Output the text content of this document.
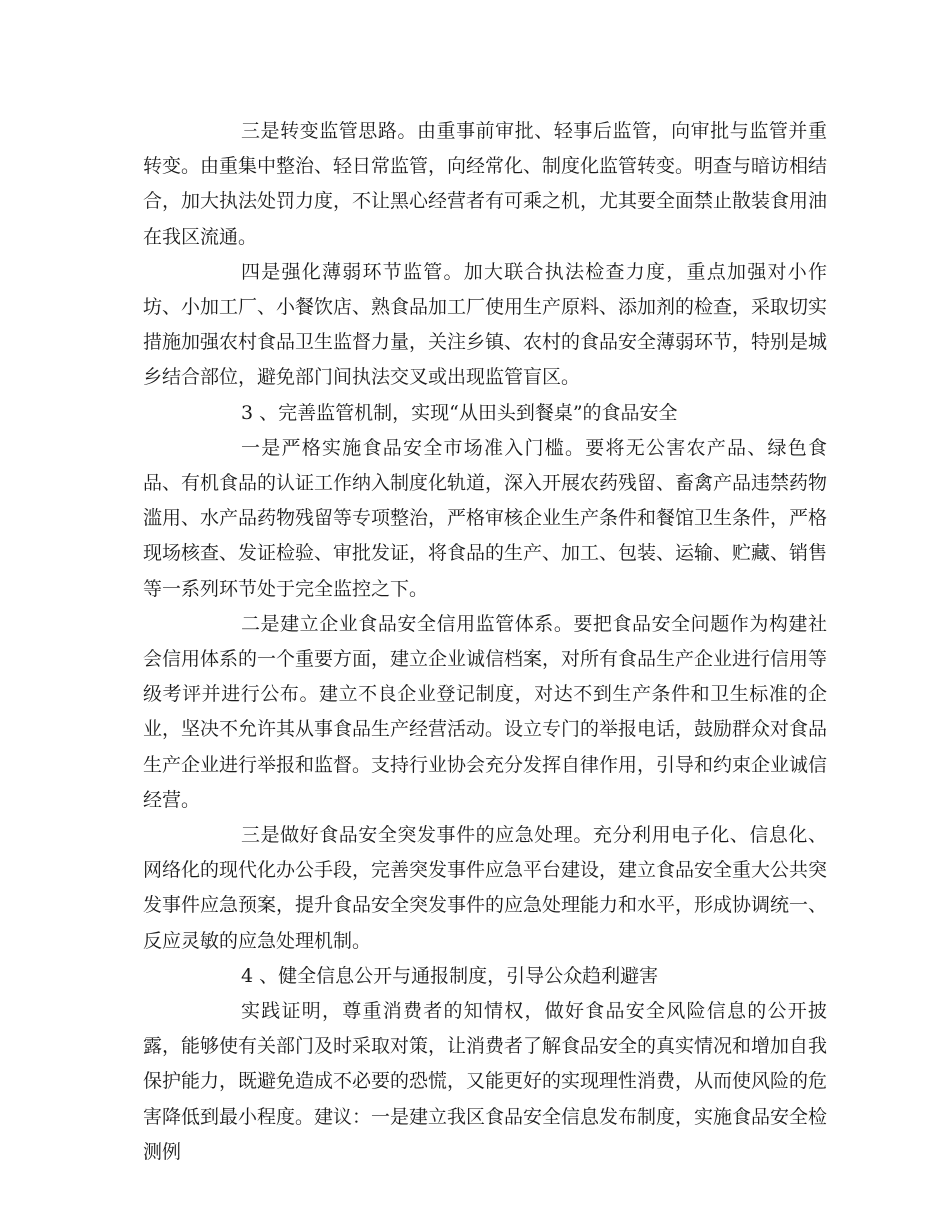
三是转变监管思路。由重事前审批、轻事后监管，向审批与监管并重转变。由重集中整治、轻日常监管，向经常化、制度化监管转变。明查与暗访相结合，加大执法处罚力度，不让黑心经营者有可乘之机，尤其要全面禁止散装食用油在我区流通。

四是强化薄弱环节监管。加大联合执法检查力度，重点加强对小作坊、小加工厂、小餐饮店、熟食品加工厂使用生产原料、添加剂的检查，采取切实措施加强农村食品卫生监督力量，关注乡镇、农村的食品安全薄弱环节，特别是城乡结合部位，避免部门间执法交叉或出现监管盲区。

3 、完善监管机制，实现“从田头到餐桌”的食品安全

一是严格实施食品安全市场准入门槛。要将无公害农产品、绿色食品、有机食品的认证工作纳入制度化轨道，深入开展农药残留、畜禽产品违禁药物滥用、水产品药物残留等专项整治，严格审核企业生产条件和餐馆卫生条件，严格现场核查、发证检验、审批发证，将食品的生产、加工、包装、运输、贮藏、销售等一系列环节处于完全监控之下。

二是建立企业食品安全信用监管体系。要把食品安全问题作为构建社会信用体系的一个重要方面，建立企业诚信档案，对所有食品生产企业进行信用等级考评并进行公布。建立不良企业登记制度，对达不到生产条件和卫生标准的企业，坚决不允许其从事食品生产经营活动。设立专门的举报电话，鼓励群众对食品生产企业进行举报和监督。支持行业协会充分发挥自律作用，引导和约束企业诚信经营。

三是做好食品安全突发事件的应急处理。充分利用电子化、信息化、网络化的现代化办公手段，完善突发事件应急平台建设，建立食品安全重大公共突发事件应急预案，提升食品安全突发事件的应急处理能力和水平，形成协调统一、反应灵敏的应急处理机制。

4 、健全信息公开与通报制度，引导公众趋利避害

实践证明，尊重消费者的知情权，做好食品安全风险信息的公开披露，能够使有关部门及时采取对策，让消费者了解食品安全的真实情况和增加自我保护能力，既避免造成不必要的恐慌，又能更好的实现理性消费，从而使风险的危害降低到最小程度。建议：一是建立我区食品安全信息发布制度，实施食品安全检测例
